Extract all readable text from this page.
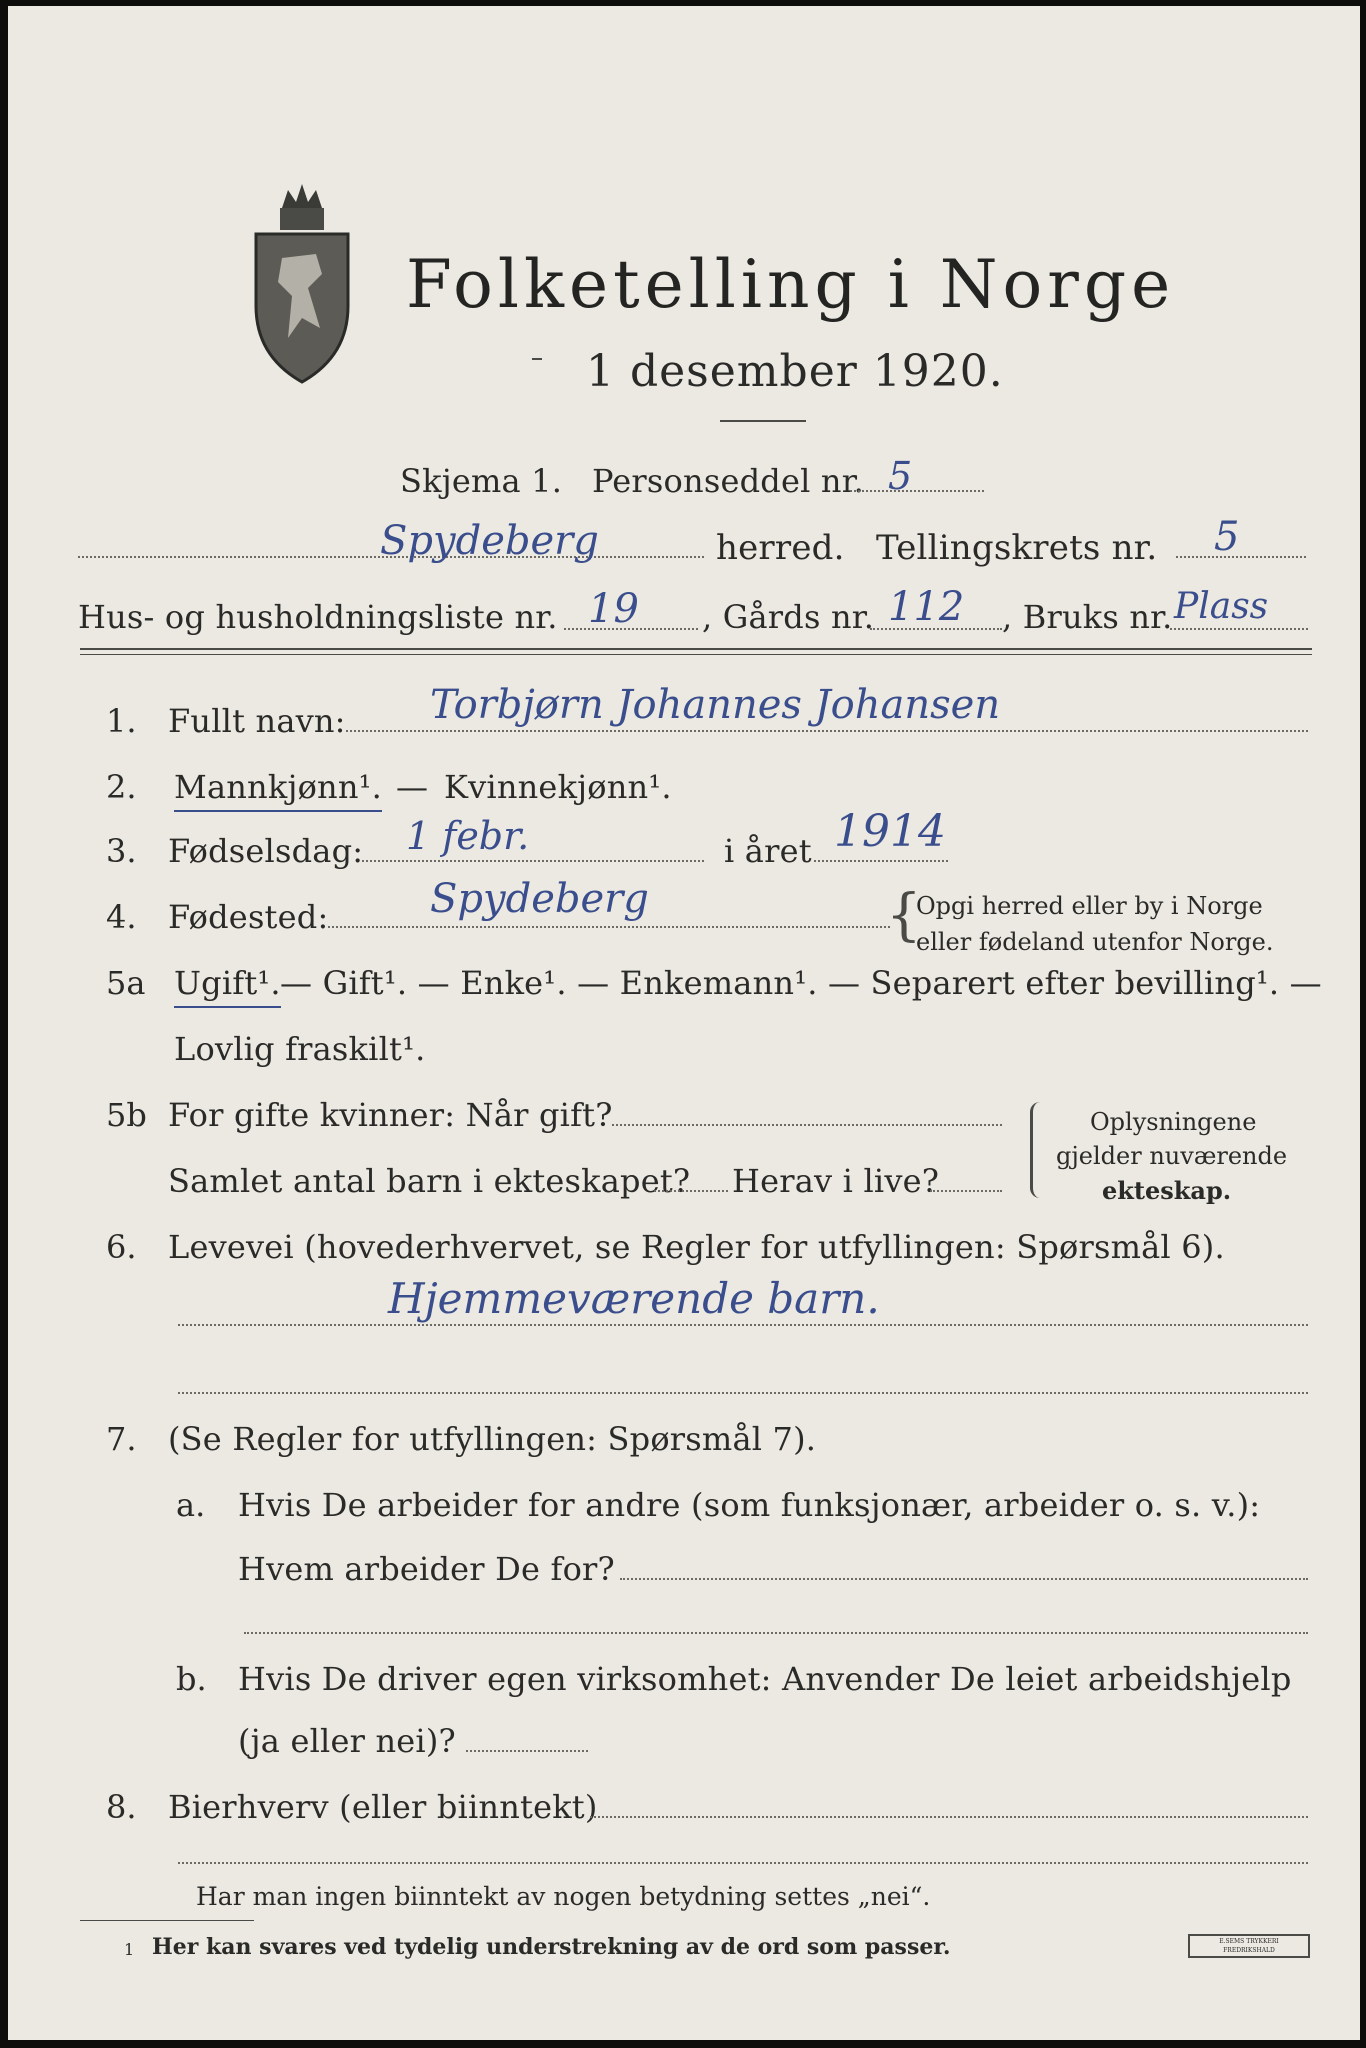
Folketelling i Norge
1 desember 1920.
Skjema 1. Personseddel nr. 5
Spydeberg	herred. Tellingskrets nr. 5
Hus- og husholdningsliste nr. 19 , Gårds nr. 112 , Bruks nr. Plass
1. Fullt navn: Torbjørn Johannes Johansen
2. Mannkjønn¹. — Kvinnekjønn¹.
3. Fødselsdag: 1 febr.	i året 1914
4. Fødested:	Spydeberg	{
Opgi herred eller by i Norge
eller fødeland utenfor Norge.
5a Ugift¹. — Gift¹. — Enke¹. — Enkemann¹. — Separert efter bevilling¹. —
Lovlig fraskilt¹.
5b For gifte kvinner: Når gift?
Samlet antal barn i ekteskapet? Herav i live?
Oplysningene
gjelder nuværende
ekteskap.
6. Levevei (hovederhvervet, se Regler for utfyllingen: Spørsmål 6).
Hjemmeværende barn.
7. (Se Regler for utfyllingen: Spørsmål 7).
a. Hvis De arbeider for andre (som funksjonær, arbeider o. s. v.):
Hvem arbeider De for?
b. Hvis De driver egen virksomhet: Anvender De leiet arbeidshjelp
(ja eller nei)?
8. Bierhverv (eller biinntekt)
Har man ingen biinntekt av nogen betydning settes „nei“.
1 Her kan svares ved tydelig understrekning av de ord som passer.	E.SEMS TRYKKERI FREDRIKSHALD
